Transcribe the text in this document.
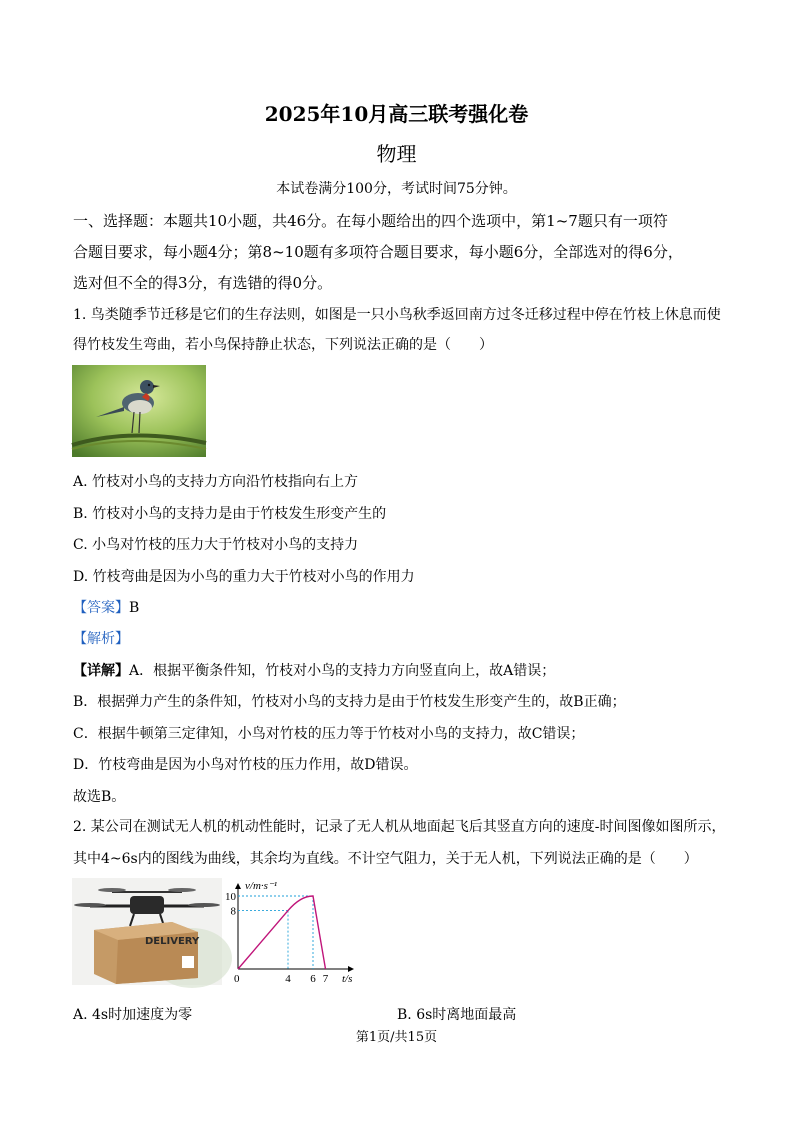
2025年10月高三联考强化卷
物理
本试卷满分100分，考试时间75分钟。
一、选择题：本题共10小题，共46分。在每小题给出的四个选项中，第1~7题只有一项符
合题目要求，每小题4分；第8~10题有多项符合题目要求，每小题6分，全部选对的得6分，
选对但不全的得3分，有选错的得0分。
1. 鸟类随季节迁移是它们的生存法则，如图是一只小鸟秋季返回南方过冬迁移过程中停在竹枝上休息而使
得竹枝发生弯曲，若小鸟保持静止状态，下列说法正确的是（　　）
A. 竹枝对小鸟的支持力方向沿竹枝指向右上方
B. 竹枝对小鸟的支持力是由于竹枝发生形变产生的
C. 小鸟对竹枝的压力大于竹枝对小鸟的支持力
D. 竹枝弯曲是因为小鸟的重力大于竹枝对小鸟的作用力
【答案】B
【解析】
【详解】A．根据平衡条件知，竹枝对小鸟的支持力方向竖直向上，故A错误；
B．根据弹力产生的条件知，竹枝对小鸟的支持力是由于竹枝发生形变产生的，故B正确；
C．根据牛顿第三定律知，小鸟对竹枝的压力等于竹枝对小鸟的支持力，故C错误；
D．竹枝弯曲是因为小鸟对竹枝的压力作用，故D错误。
故选B。
2. 某公司在测试无人机的机动性能时，记录了无人机从地面起飞后其竖直方向的速度-时间图像如图所示，
其中4~6s内的图线为曲线，其余均为直线。不计空气阻力，关于无人机，下列说法正确的是（　　）
DELIVERY
v/m·s⁻¹
t/s
0
10
8
4 6 7
A. 4s时加速度为零	B. 6s时离地面最高
第1页/共15页
